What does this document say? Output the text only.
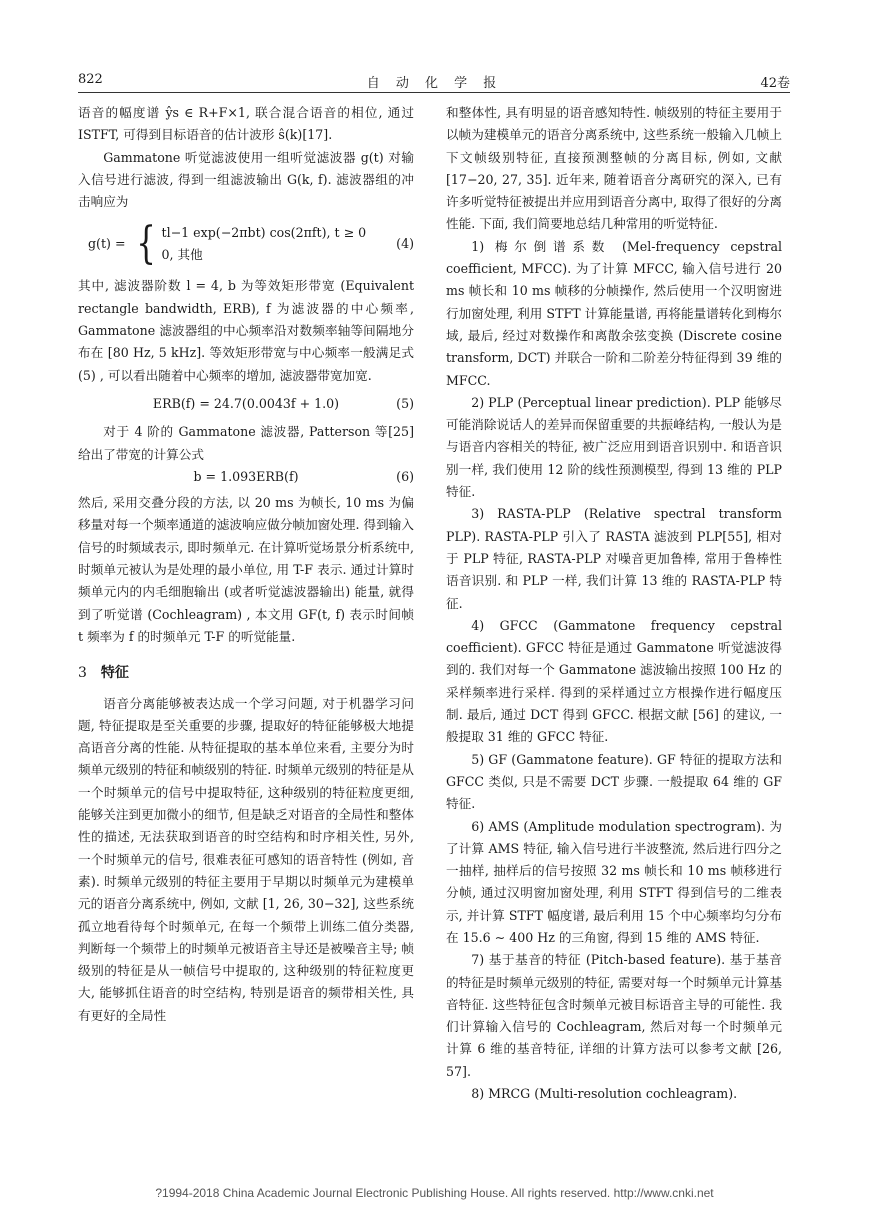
822	自 动 化 学 报	42卷

语音的幅度谱 ŷs ∈ R+F×1, 联合混合语音的相位, 通过 ISTFT, 可得到目标语音的估计波形 ŝ(k)[17].

Gammatone 听觉滤波使用一组听觉滤波器 g(t) 对输入信号进行滤波, 得到一组滤波输出 G(k, f). 滤波器组的冲击响应为

g(t) = { tl−1 exp(−2πbt) cos(2πft), t ≥ 0
0, 其他
(4)

其中, 滤波器阶数 l = 4, b 为等效矩形带宽 (Equivalent rectangle bandwidth, ERB), f 为滤波器的中心频率, Gammatone 滤波器组的中心频率沿对数频率轴等间隔地分布在 [80 Hz, 5 kHz]. 等效矩形带宽与中心频率一般满足式 (5) , 可以看出随着中心频率的增加, 滤波器带宽加宽.

ERB(f) = 24.7(0.0043f + 1.0)	(5)

对于 4 阶的 Gammatone 滤波器, Patterson 等[25] 给出了带宽的计算公式

b = 1.093ERB(f)	(6)

然后, 采用交叠分段的方法, 以 20 ms 为帧长, 10 ms 为偏移量对每一个频率通道的滤波响应做分帧加窗处理. 得到输入信号的时频域表示, 即时频单元. 在计算听觉场景分析系统中, 时频单元被认为是处理的最小单位, 用 T-F 表示. 通过计算时频单元内的内毛细胞输出 (或者听觉滤波器输出) 能量, 就得到了听觉谱 (Cochleagram) , 本文用 GF(t, f) 表示时间帧 t 频率为 f 的时频单元 T-F 的听觉能量.

3 特征

语音分离能够被表达成一个学习问题, 对于机器学习问题, 特征提取是至关重要的步骤, 提取好的特征能够极大地提高语音分离的性能. 从特征提取的基本单位来看, 主要分为时频单元级别的特征和帧级别的特征. 时频单元级别的特征是从一个时频单元的信号中提取特征, 这种级别的特征粒度更细, 能够关注到更加微小的细节, 但是缺乏对语音的全局性和整体性的描述, 无法获取到语音的时空结构和时序相关性, 另外, 一个时频单元的信号, 很难表征可感知的语音特性 (例如, 音素). 时频单元级别的特征主要用于早期以时频单元为建模单元的语音分离系统中, 例如, 文献 [1, 26, 30−32], 这些系统孤立地看待每个时频单元, 在每一个频带上训练二值分类器, 判断每一个频带上的时频单元被语音主导还是被噪音主导; 帧级别的特征是从一帧信号中提取的, 这种级别的特征粒度更大, 能够抓住语音的时空结构, 特别是语音的频带相关性, 具有更好的全局性

和整体性, 具有明显的语音感知特性. 帧级别的特征主要用于以帧为建模单元的语音分离系统中, 这些系统一般输入几帧上下文帧级别特征, 直接预测整帧的分离目标, 例如, 文献 [17−20, 27, 35]. 近年来, 随着语音分离研究的深入, 已有许多听觉特征被提出并应用到语音分离中, 取得了很好的分离性能. 下面, 我们简要地总结几种常用的听觉特征.

1) 梅尔倒谱系数 (Mel-frequency cepstral coefficient, MFCC). 为了计算 MFCC, 输入信号进行 20 ms 帧长和 10 ms 帧移的分帧操作, 然后使用一个汉明窗进行加窗处理, 利用 STFT 计算能量谱, 再将能量谱转化到梅尔域, 最后, 经过对数操作和离散余弦变换 (Discrete cosine transform, DCT) 并联合一阶和二阶差分特征得到 39 维的 MFCC.

2) PLP (Perceptual linear prediction). PLP 能够尽可能消除说话人的差异而保留重要的共振峰结构, 一般认为是与语音内容相关的特征, 被广泛应用到语音识别中. 和语音识别一样, 我们使用 12 阶的线性预测模型, 得到 13 维的 PLP 特征.

3) RASTA-PLP (Relative spectral transform PLP). RASTA-PLP 引入了 RASTA 滤波到 PLP[55], 相对于 PLP 特征, RASTA-PLP 对噪音更加鲁棒, 常用于鲁棒性语音识别. 和 PLP 一样, 我们计算 13 维的 RASTA-PLP 特征.

4) GFCC (Gammatone frequency cepstral coefficient). GFCC 特征是通过 Gammatone 听觉滤波得到的. 我们对每一个 Gammatone 滤波输出按照 100 Hz 的采样频率进行采样. 得到的采样通过立方根操作进行幅度压制. 最后, 通过 DCT 得到 GFCC. 根据文献 [56] 的建议, 一般提取 31 维的 GFCC 特征.

5) GF (Gammatone feature). GF 特征的提取方法和 GFCC 类似, 只是不需要 DCT 步骤. 一般提取 64 维的 GF 特征.

6) AMS (Amplitude modulation spectrogram). 为了计算 AMS 特征, 输入信号进行半波整流, 然后进行四分之一抽样, 抽样后的信号按照 32 ms 帧长和 10 ms 帧移进行分帧, 通过汉明窗加窗处理, 利用 STFT 得到信号的二维表示, 并计算 STFT 幅度谱, 最后利用 15 个中心频率均匀分布在 15.6 ∼ 400 Hz 的三角窗, 得到 15 维的 AMS 特征.

7) 基于基音的特征 (Pitch-based feature). 基于基音的特征是时频单元级别的特征, 需要对每一个时频单元计算基音特征. 这些特征包含时频单元被目标语音主导的可能性. 我们计算输入信号的 Cochleagram, 然后对每一个时频单元计算 6 维的基音特征, 详细的计算方法可以参考文献 [26, 57].

8) MRCG (Multi-resolution cochleagram).

?1994-2018 China Academic Journal Electronic Publishing House. All rights reserved. http://www.cnki.net
